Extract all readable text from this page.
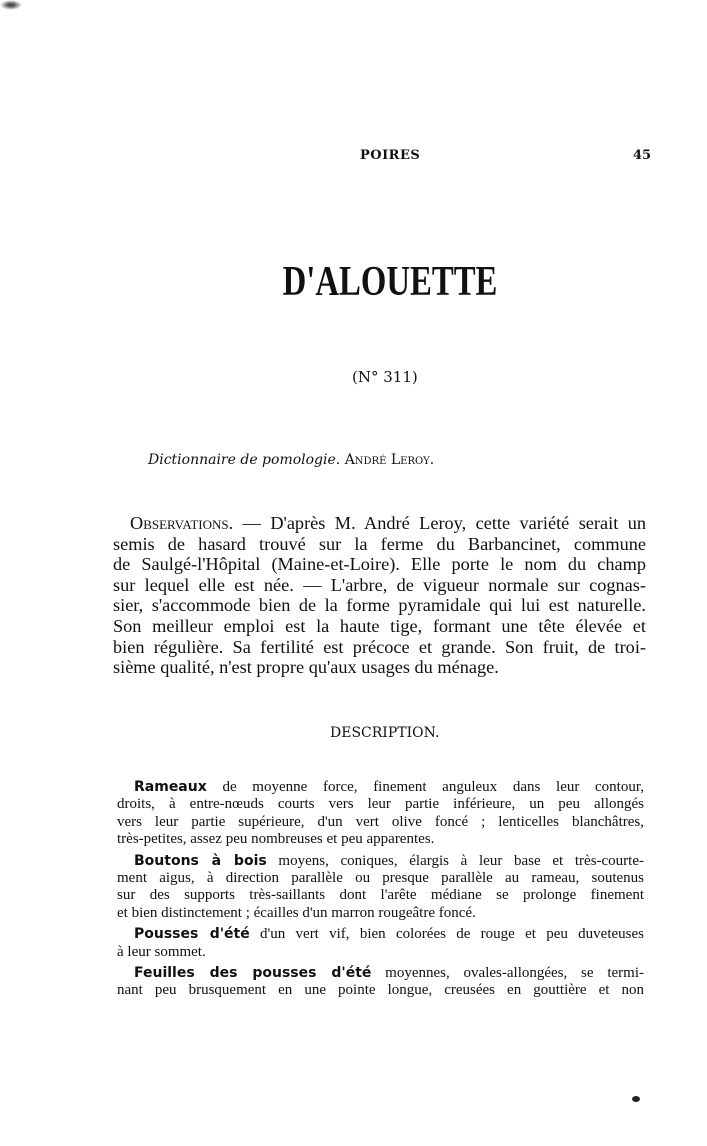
POIRES	45
D'ALOUETTE
(N° 311)
Dictionnaire de pomologie. André Leroy.
Observations. — D'après M. André Leroy, cette variété serait un
semis de hasard trouvé sur la ferme du Barbancinet, commune
de Saulgé-l'Hôpital (Maine-et-Loire). Elle porte le nom du champ
sur lequel elle est née. — L'arbre, de vigueur normale sur cognas-
sier, s'accommode bien de la forme pyramidale qui lui est naturelle.
Son meilleur emploi est la haute tige, formant une tête élevée et
bien régulière. Sa fertilité est précoce et grande. Son fruit, de troi-
sième qualité, n'est propre qu'aux usages du ménage.
DESCRIPTION.
Rameaux de moyenne force, finement anguleux dans leur contour,
droits, à entre-nœuds courts vers leur partie inférieure, un peu allongés
vers leur partie supérieure, d'un vert olive foncé ; lenticelles blanchâtres,
très-petites, assez peu nombreuses et peu apparentes.
Boutons à bois moyens, coniques, élargis à leur base et très-courte-
ment aigus, à direction parallèle ou presque parallèle au rameau, soutenus
sur des supports très-saillants dont l'arête médiane se prolonge finement
et bien distinctement ; écailles d'un marron rougeâtre foncé.
Pousses d'été d'un vert vif, bien colorées de rouge et peu duveteuses
à leur sommet.
Feuilles des pousses d'été moyennes, ovales-allongées, se termi-
nant peu brusquement en une pointe longue, creusées en gouttière et non
